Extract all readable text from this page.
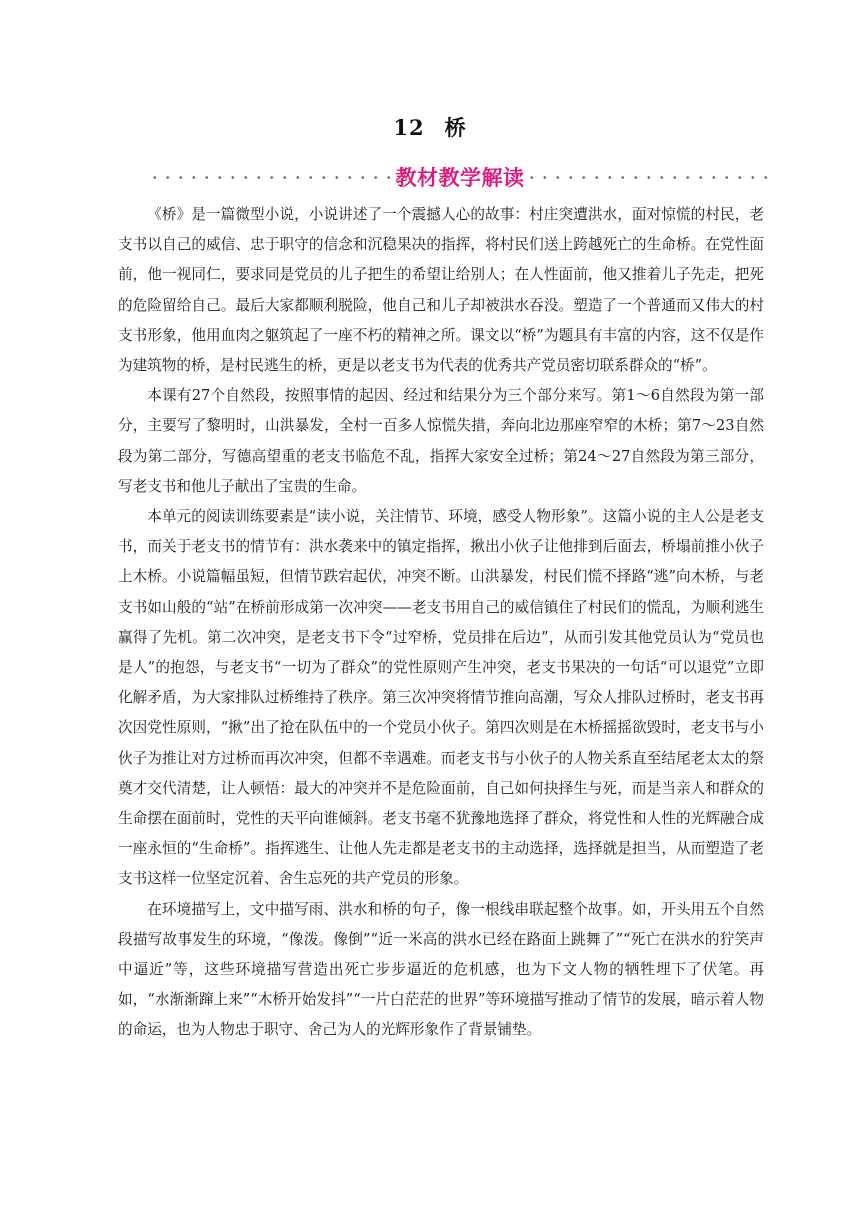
12 桥
教材教学解读

《桥》是一篇微型小说，小说讲述了一个震撼人心的故事：村庄突遭洪水，面对惊慌的村民，老支书以自己的威信、忠于职守的信念和沉稳果决的指挥，将村民们送上跨越死亡的生命桥。在党性面前，他一视同仁，要求同是党员的儿子把生的希望让给别人；在人性面前，他又推着儿子先走，把死的危险留给自己。最后大家都顺利脱险，他自己和儿子却被洪水吞没。塑造了一个普通而又伟大的村支书形象，他用血肉之躯筑起了一座不朽的精神之所。课文以“桥”为题具有丰富的内容，这不仅是作为建筑物的桥，是村民逃生的桥，更是以老支书为代表的优秀共产党员密切联系群众的“桥”。

本课有27个自然段，按照事情的起因、经过和结果分为三个部分来写。第1～6自然段为第一部分，主要写了黎明时，山洪暴发，全村一百多人惊慌失措，奔向北边那座窄窄的木桥；第7～23自然段为第二部分，写德高望重的老支书临危不乱，指挥大家安全过桥；第24～27自然段为第三部分，写老支书和他儿子献出了宝贵的生命。

本单元的阅读训练要素是“读小说，关注情节、环境，感受人物形象”。这篇小说的主人公是老支书，而关于老支书的情节有：洪水袭来中的镇定指挥，揪出小伙子让他排到后面去，桥塌前推小伙子上木桥。小说篇幅虽短，但情节跌宕起伏，冲突不断。山洪暴发，村民们慌不择路“逃”向木桥，与老支书如山般的“站”在桥前形成第一次冲突——老支书用自己的威信镇住了村民们的慌乱，为顺利逃生赢得了先机。第二次冲突，是老支书下令“过窄桥，党员排在后边”，从而引发其他党员认为“党员也是人”的抱怨，与老支书“一切为了群众”的党性原则产生冲突，老支书果决的一句话“可以退党”立即化解矛盾，为大家排队过桥维持了秩序。第三次冲突将情节推向高潮，写众人排队过桥时，老支书再次因党性原则，“揪”出了抢在队伍中的一个党员小伙子。第四次则是在木桥摇摇欲毁时，老支书与小伙子为推让对方过桥而再次冲突，但都不幸遇难。而老支书与小伙子的人物关系直至结尾老太太的祭奠才交代清楚，让人顿悟：最大的冲突并不是危险面前，自己如何抉择生与死，而是当亲人和群众的生命摆在面前时，党性的天平向谁倾斜。老支书毫不犹豫地选择了群众，将党性和人性的光辉融合成一座永恒的“生命桥”。指挥逃生、让他人先走都是老支书的主动选择，选择就是担当，从而塑造了老支书这样一位坚定沉着、舍生忘死的共产党员的形象。

在环境描写上，文中描写雨、洪水和桥的句子，像一根线串联起整个故事。如，开头用五个自然段描写故事发生的环境，“像泼。像倒”“近一米高的洪水已经在路面上跳舞了”“死亡在洪水的狞笑声中逼近”等，这些环境描写营造出死亡步步逼近的危机感，也为下文人物的牺牲埋下了伏笔。再如，“水渐渐蹿上来”“木桥开始发抖”“一片白茫茫的世界”等环境描写推动了情节的发展，暗示着人物的命运，也为人物忠于职守、舍己为人的光辉形象作了背景铺垫。
